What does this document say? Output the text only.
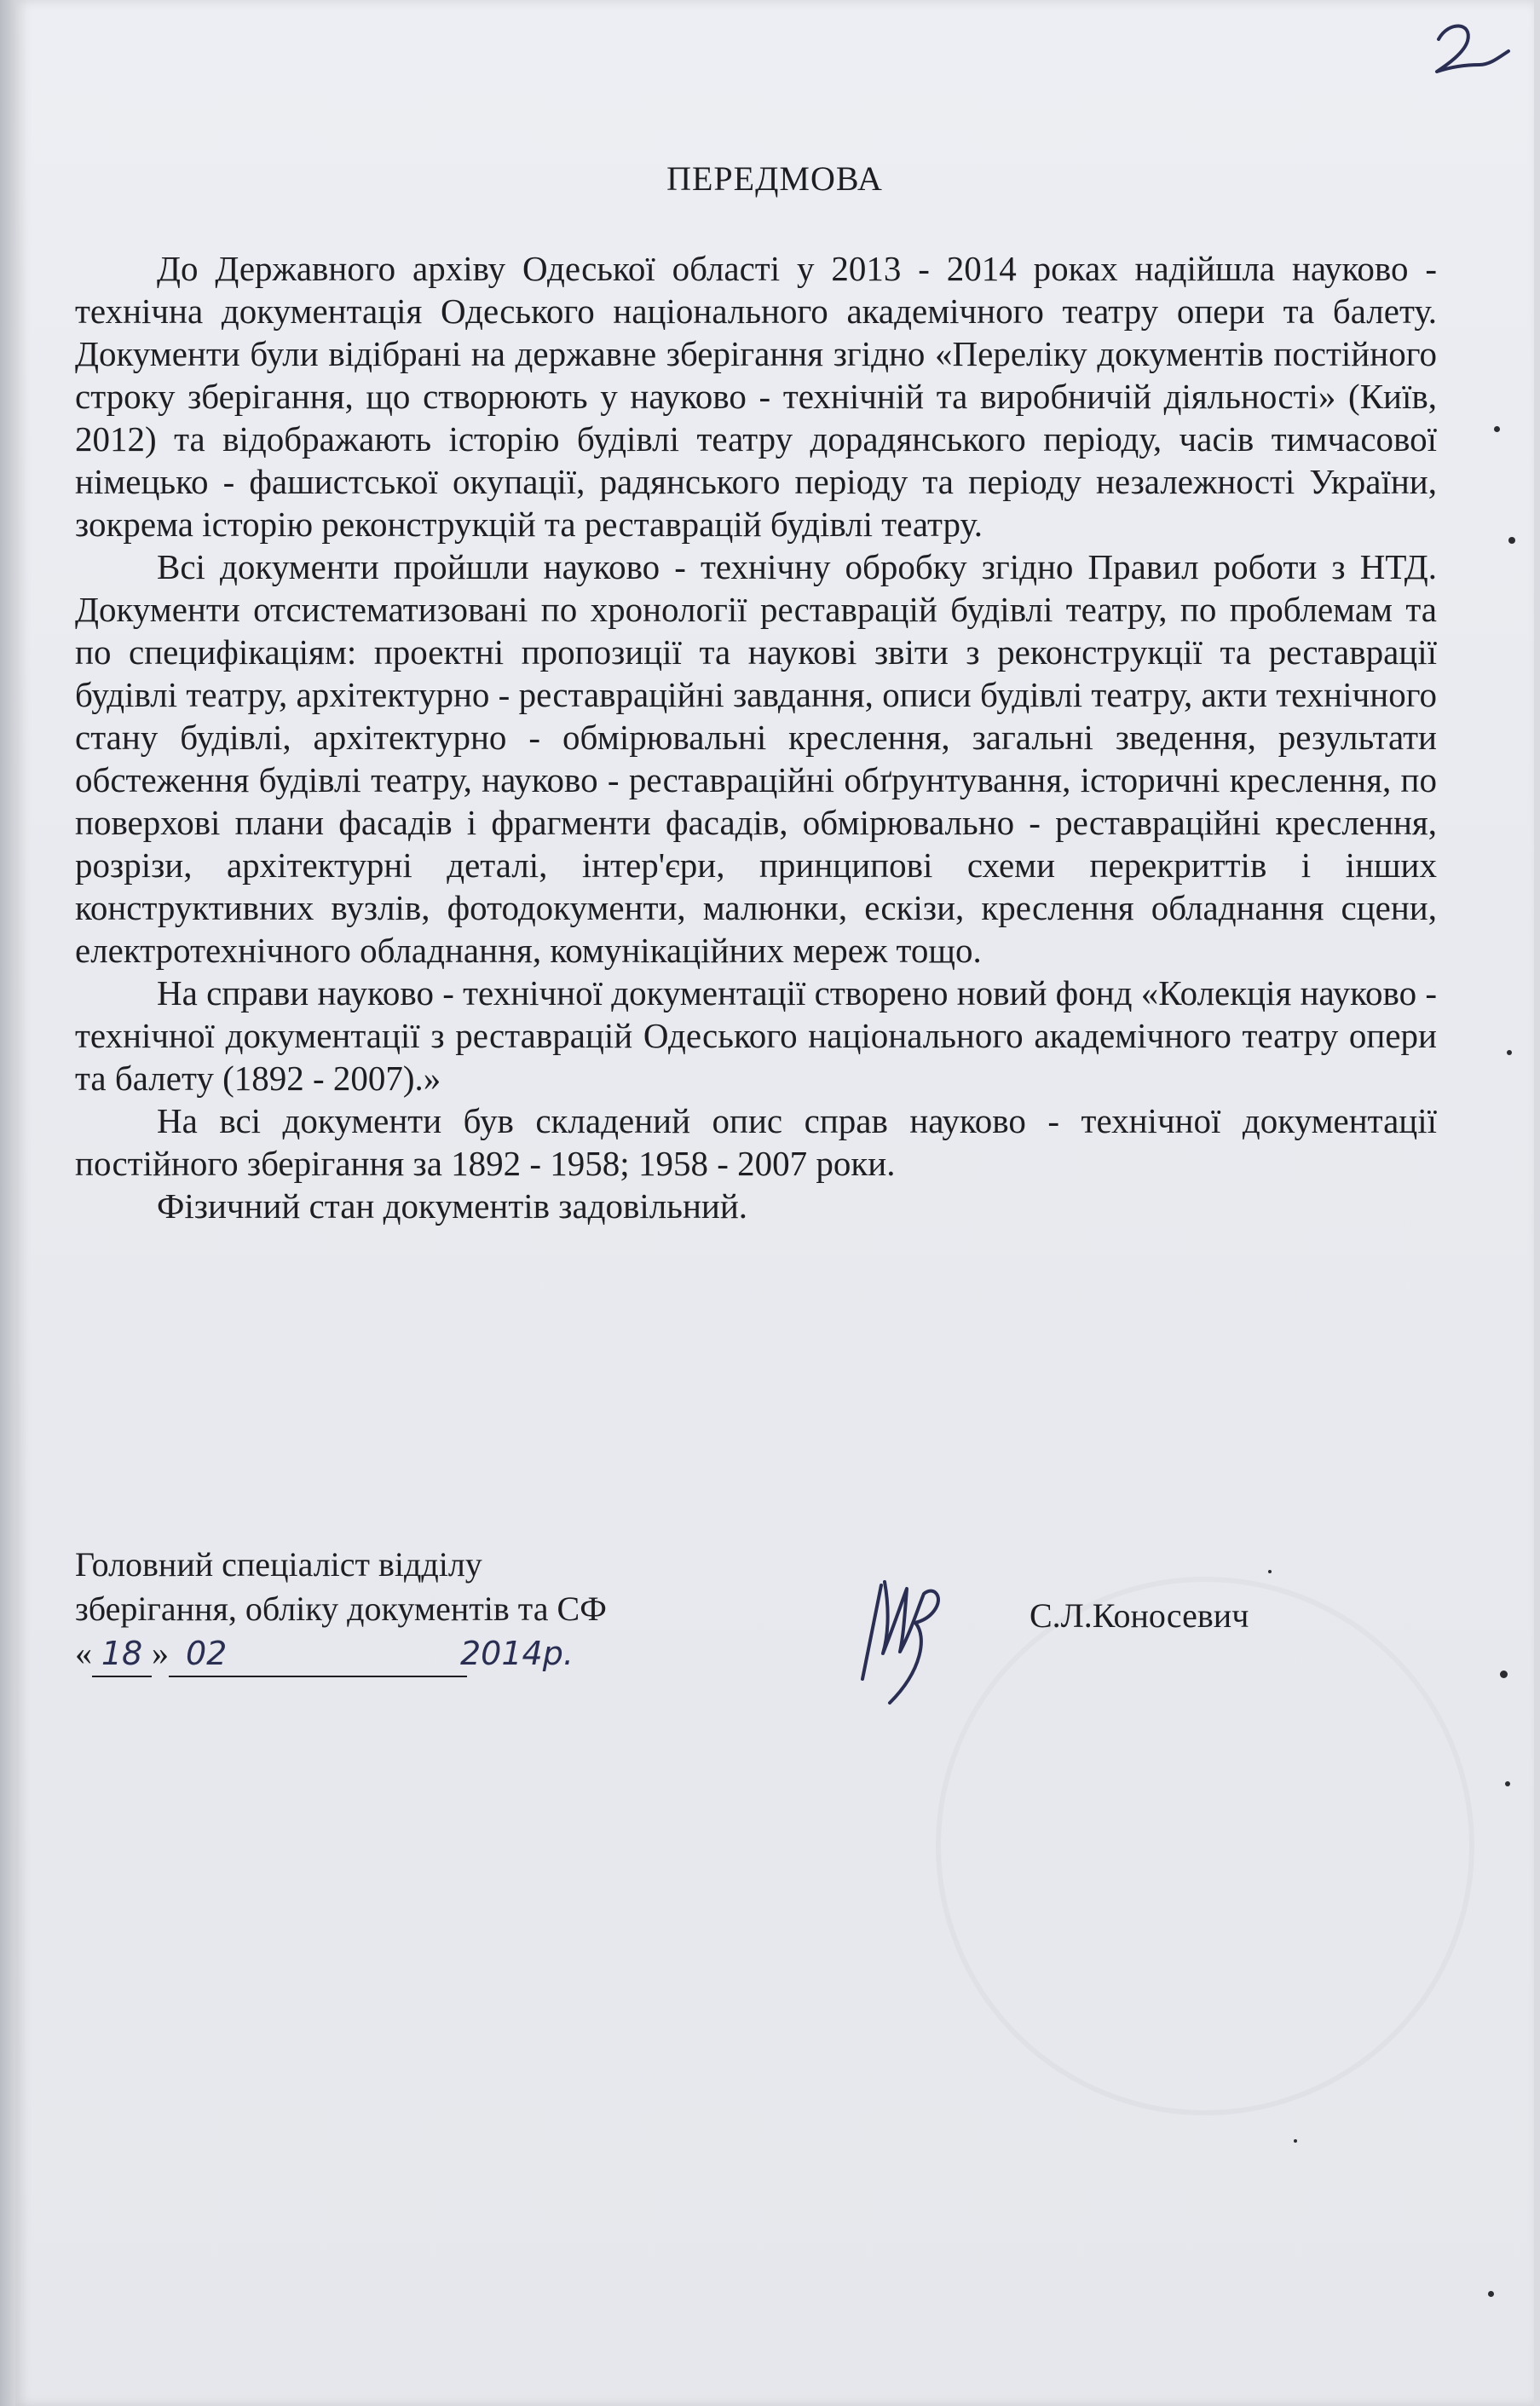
2
ПЕРЕДМОВА

До Державного архіву Одеської області у 2013 - 2014 роках надійшла науково - технічна документація Одеського національного академічного театру опери та балету. Документи були відібрані на державне зберігання згідно «Переліку документів постійного строку зберігання, що створюють у науково - технічній та виробничій діяльності» (Київ, 2012) та відображають історію будівлі театру дорадянського періоду, часів тимчасової німецько - фашистської окупації, радянського періоду та періоду незалежності України, зокрема історію реконструкцій та реставрацій будівлі театру.

Всі документи пройшли науково - технічну обробку згідно Правил роботи з НТД. Документи отсистематизовані по хронології реставрацій будівлі театру, по проблемам та по специфікаціям: проектні пропозиції та наукові звіти з реконструкції та реставрації будівлі театру, архітектурно - реставраційні завдання, описи будівлі театру, акти технічного стану будівлі, архітектурно - обмірювальні креслення, загальні зведення, результати обстеження будівлі театру, науково - реставраційні обґрунтування, історичні креслення, по поверхові плани фасадів і фрагменти фасадів, обмірювально - реставраційні креслення, розрізи, архітектурні деталі, інтер'єри, принципові схеми перекриттів і інших конструктивних вузлів, фотодокументи, малюнки, ескізи, креслення обладнання сцени, електротехнічного обладнання, комунікаційних мереж тощо.

На справи науково - технічної документації створено новий фонд «Колекція науково - технічної документації з реставрацій Одеського національного академічного театру опери та балету (1892 - 2007).»

На всі документи був складений опис справ науково - технічної документації постійного зберігання за 1892 - 1958; 1958 - 2007 роки.

Фізичний стан документів задовільний.

Головний спеціаліст відділу
зберігання, обліку документів та СФ
« 18 » 02	2014р.
С.Л.Коносевич
